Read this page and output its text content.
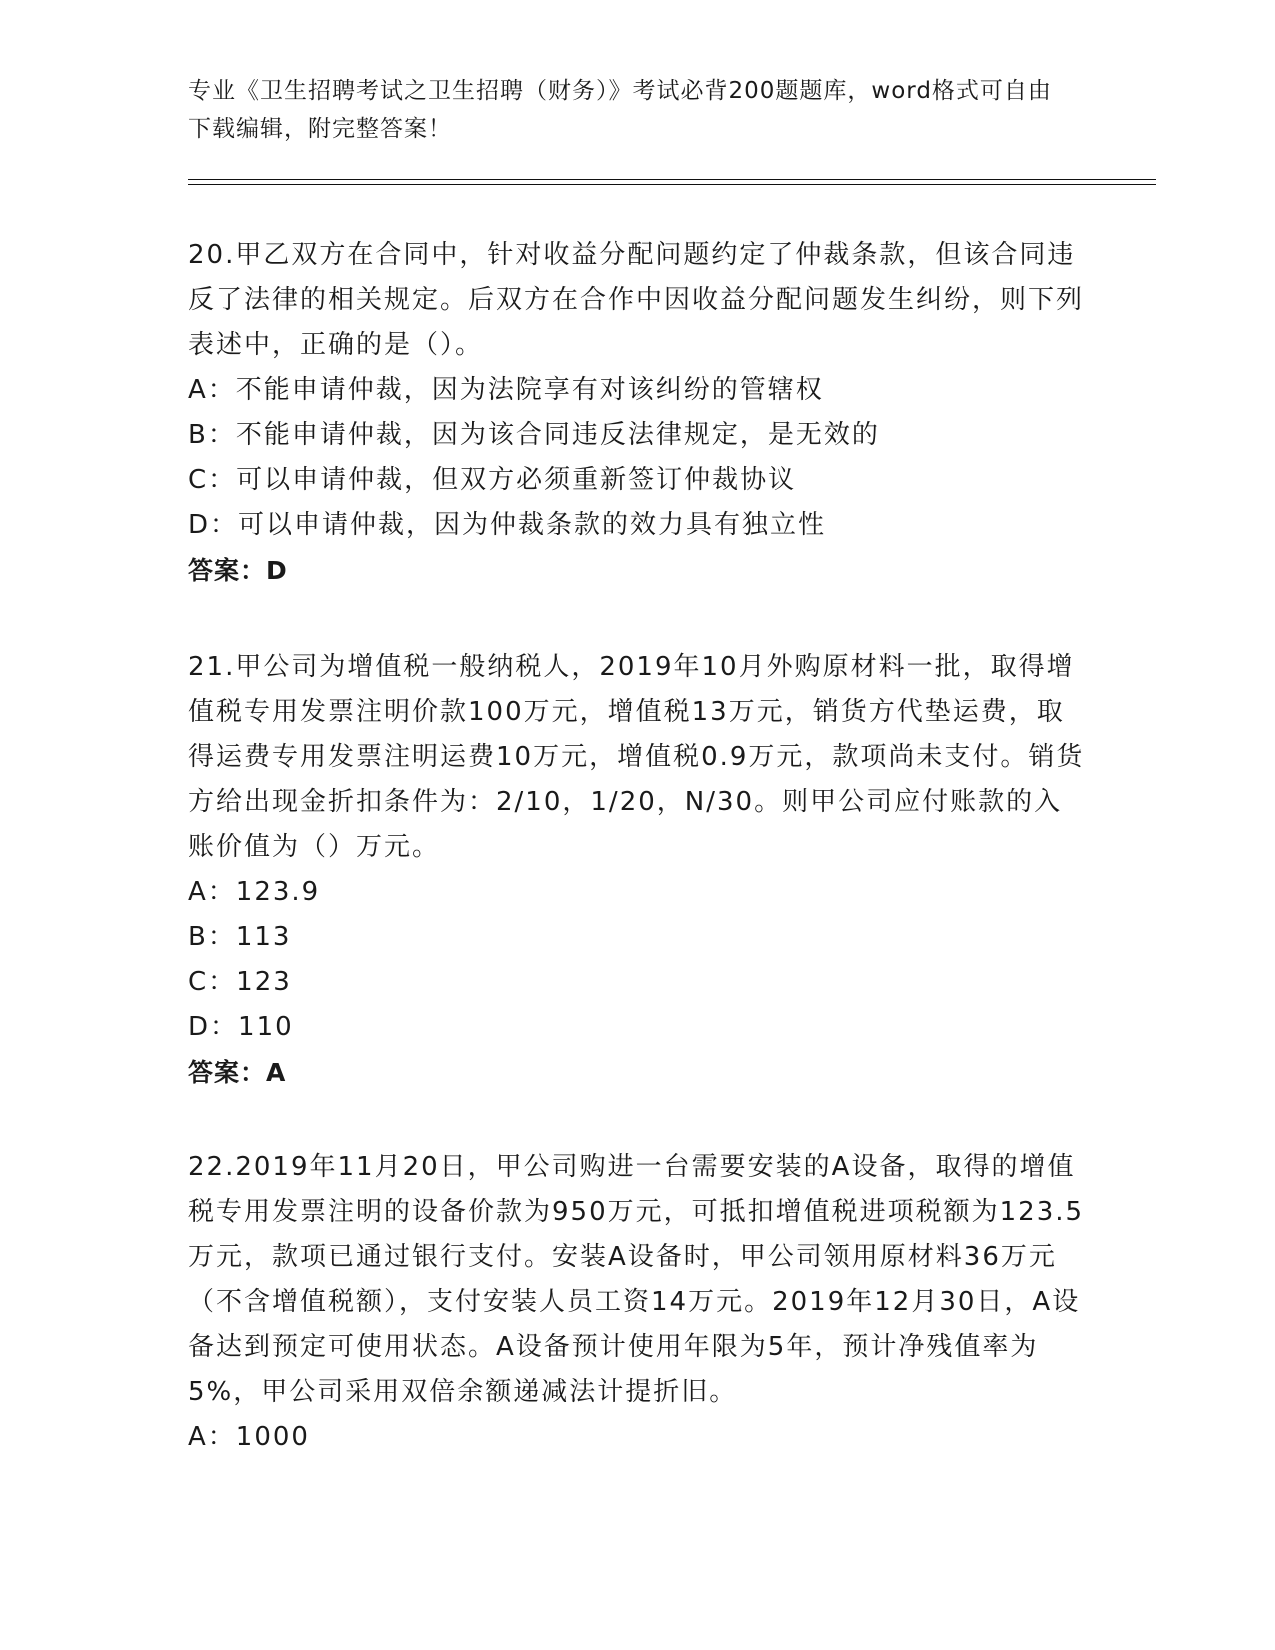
专业《卫生招聘考试之卫生招聘（财务）》考试必背200题题库，word格式可自由下载编辑，附完整答案！

20.甲乙双方在合同中，针对收益分配问题约定了仲裁条款，但该合同违反了法律的相关规定。后双方在合作中因收益分配问题发生纠纷，则下列表述中，正确的是（）。

A：不能申请仲裁，因为法院享有对该纠纷的管辖权

B：不能申请仲裁，因为该合同违反法律规定，是无效的

C：可以申请仲裁，但双方必须重新签订仲裁协议

D：可以申请仲裁，因为仲裁条款的效力具有独立性

答案：D

21.甲公司为增值税一般纳税人，2019年10月外购原材料一批，取得增值税专用发票注明价款100万元，增值税13万元，销货方代垫运费，取得运费专用发票注明运费10万元，增值税0.9万元，款项尚未支付。销货方给出现金折扣条件为：2/10，1/20，N/30。则甲公司应付账款的入账价值为（）万元。

A：123.9

B：113

C：123

D：110

答案：A

22.2019年11月20日，甲公司购进一台需要安装的A设备，取得的增值税专用发票注明的设备价款为950万元，可抵扣增值税进项税额为123.5万元，款项已通过银行支付。安装A设备时，甲公司领用原材料36万元（不含增值税额），支付安装人员工资14万元。2019年12月30日，A设备达到预定可使用状态。A设备预计使用年限为5年，预计净残值率为5%，甲公司采用双倍余额递减法计提折旧。

A：1000
